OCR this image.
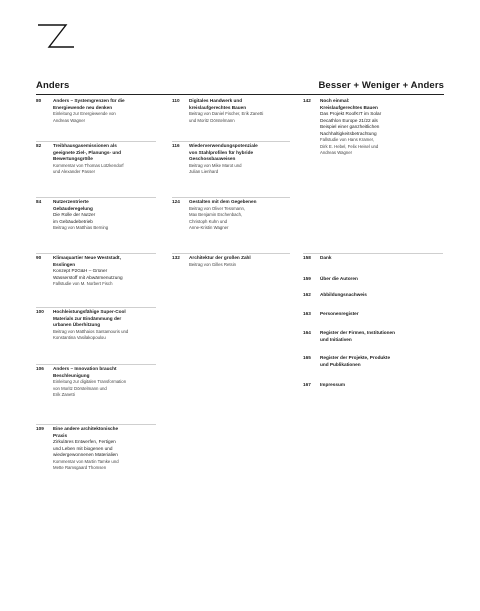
Anders	Besser + Weniger + Anders
80	Anders – Systemgrenzen für die
Energiewende neu denken
Einleitung zur Energiewende von
Andreas Wagner
82	Treibhausgasemissionen als
geeignete Ziel-, Planungs- und
Bewertungsgröße
Kommentar von Thomas Lützkendorf
und Alexander Passer
84	Nutzerzentrierte
Gebäuderegelung
Die Rolle der Nutzer
im Gebäudebetrieb
Beitrag von Matthias Berning
90	Klimaquartier Neue Weststadt,
Esslingen
Konzept P2G&H – Grüner
Wasserstoff mit Abwärmenutzung
Fallstudie von M. Norbert Fisch
100 Hochleistungsfähige Super-Cool
Materials zur Eindämmung der
urbanen Überhitzung
Beitrag von Matthaios Santamouris und
Konstantina Vasilakopoulou
106 Anders – Innovation braucht
Beschleunigung
Einleitung zur digitalen Transformation
von Moritz Dörstelmann und
Erik Zanetti
109 Eine andere architektonische
Praxis
Zirkuläres Entwerfen, Fertigen
und Leben mit biogenen und
wiedergewonnenen Materialien
Kommentar von Martin Tamke und
Mette Ramsgaard Thomsen
110 Digitales Handwerk und
kreislaufgerechtes Bauen
Beitrag von Daniel Fischer, Erik Zanetti
und Moritz Dörstelmann
116 Wiederverwendungspotenziale
von Stahlprofilen für hybride
Geschossbauweisen
Beitrag von Mike Marot und
Julian Lienhard
124 Gestalten mit dem Gegebenen
Beitrag von Oliver Tessmann,
Max Benjamin Eschenbach,
Christoph Kuhn und
Anne-Kristin Wagner
132 Architektur der großen Zahl
Beitrag von Gilles Retsin
142 Noch einmal:
Kreislaufgerechtes Bauen
Das Projekt RoofKIT im Solar
Decathlon Europe 21/22 als
Beispiel einer ganzheitlichen
Nachhaltigkeitsbetrachtung
Fallstudie von Hans Kramer,
Dirk E. Hebel, Felix Heisel und
Andreas Wagner
158 Dank
159 Über die Autoren
162 Abbildungsnachweis
163 Personenregister
164 Register der Firmen, Institutionen
und Initiativen
165 Register der Projekte, Produkte
und Publikationen
167 Impressum
